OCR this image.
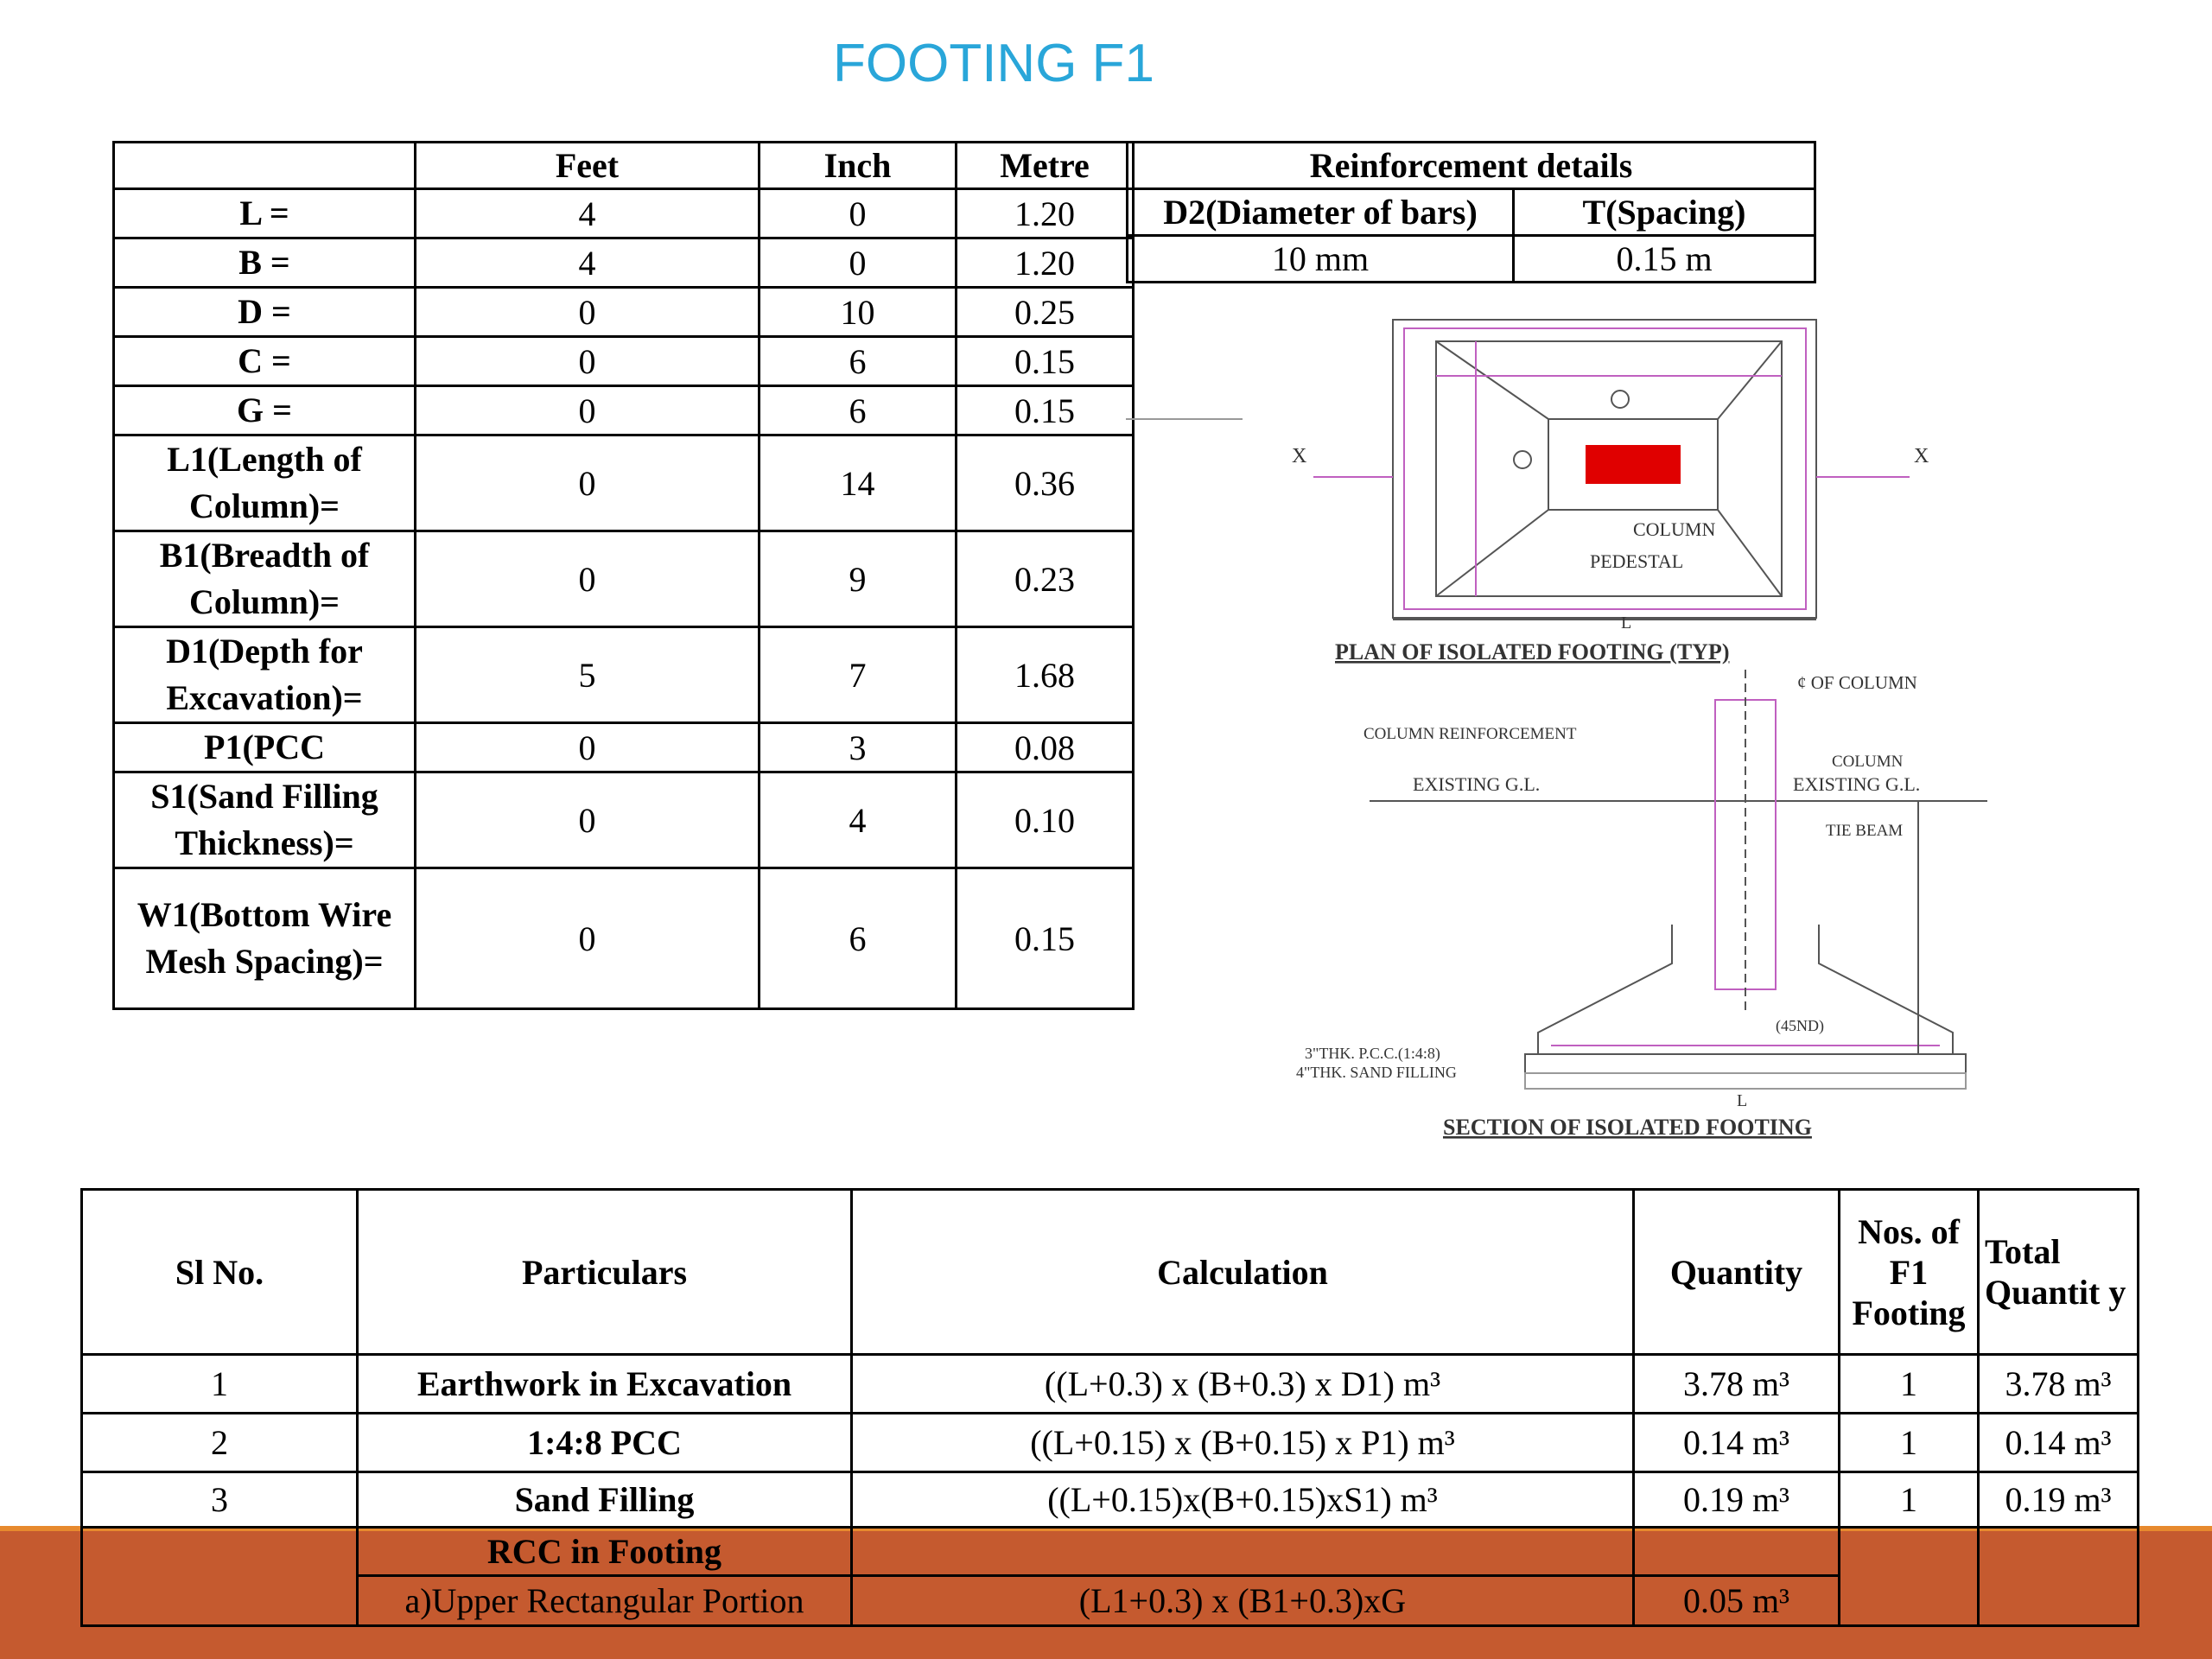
FOOTING F1
	Feet	Inch	Metre
L =	4	0	1.20
B =	4	0	1.20
D =	0	10	0.25
C =	0	6	0.15
G =	0	6	0.15
L1(Length of Column)=	0	14	0.36
B1(Breadth of Column)=	0	9	0.23
D1(Depth for Excavation)=	5	7	1.68
P1(PCC	0	3	0.08
S1(Sand Filling Thickness)=	0	4	0.10
W1(Bottom Wire Mesh Spacing)=	0	6	0.15
Reinforcement details	
D2(Diameter of bars)	T(Spacing)
10 mm	0.15 m
COLUMN
PEDESTAL
X	X
L
PLAN OF ISOLATED FOOTING (TYP)
¢ OF COLUMN
COLUMN REINFORCEMENT
COLUMN
EXISTING G.L.	EXISTING G.L.
TIE BEAM
(45ND)
3"THK. P.C.C.(1:4:8)
4"THK. SAND FILLING
L
SECTION OF ISOLATED FOOTING
Sl No.	Particulars	Calculation	Quantity	Nos. of F1 Footing	Total Quantit y
1	Earthwork in Excavation	((L+0.3) x (B+0.3) x D1) m³	3.78 m³	1	3.78 m³
2	1:4:8 PCC	((L+0.15) x (B+0.15) x P1) m³	0.14 m³	1	0.14 m³
3	Sand Filling	((L+0.15)x(B+0.15)xS1) m³	0.19 m³	1	0.19 m³
	RCC in Footing				
	a)Upper Rectangular Portion	(L1+0.3) x (B1+0.3)xG	0.05 m³		
